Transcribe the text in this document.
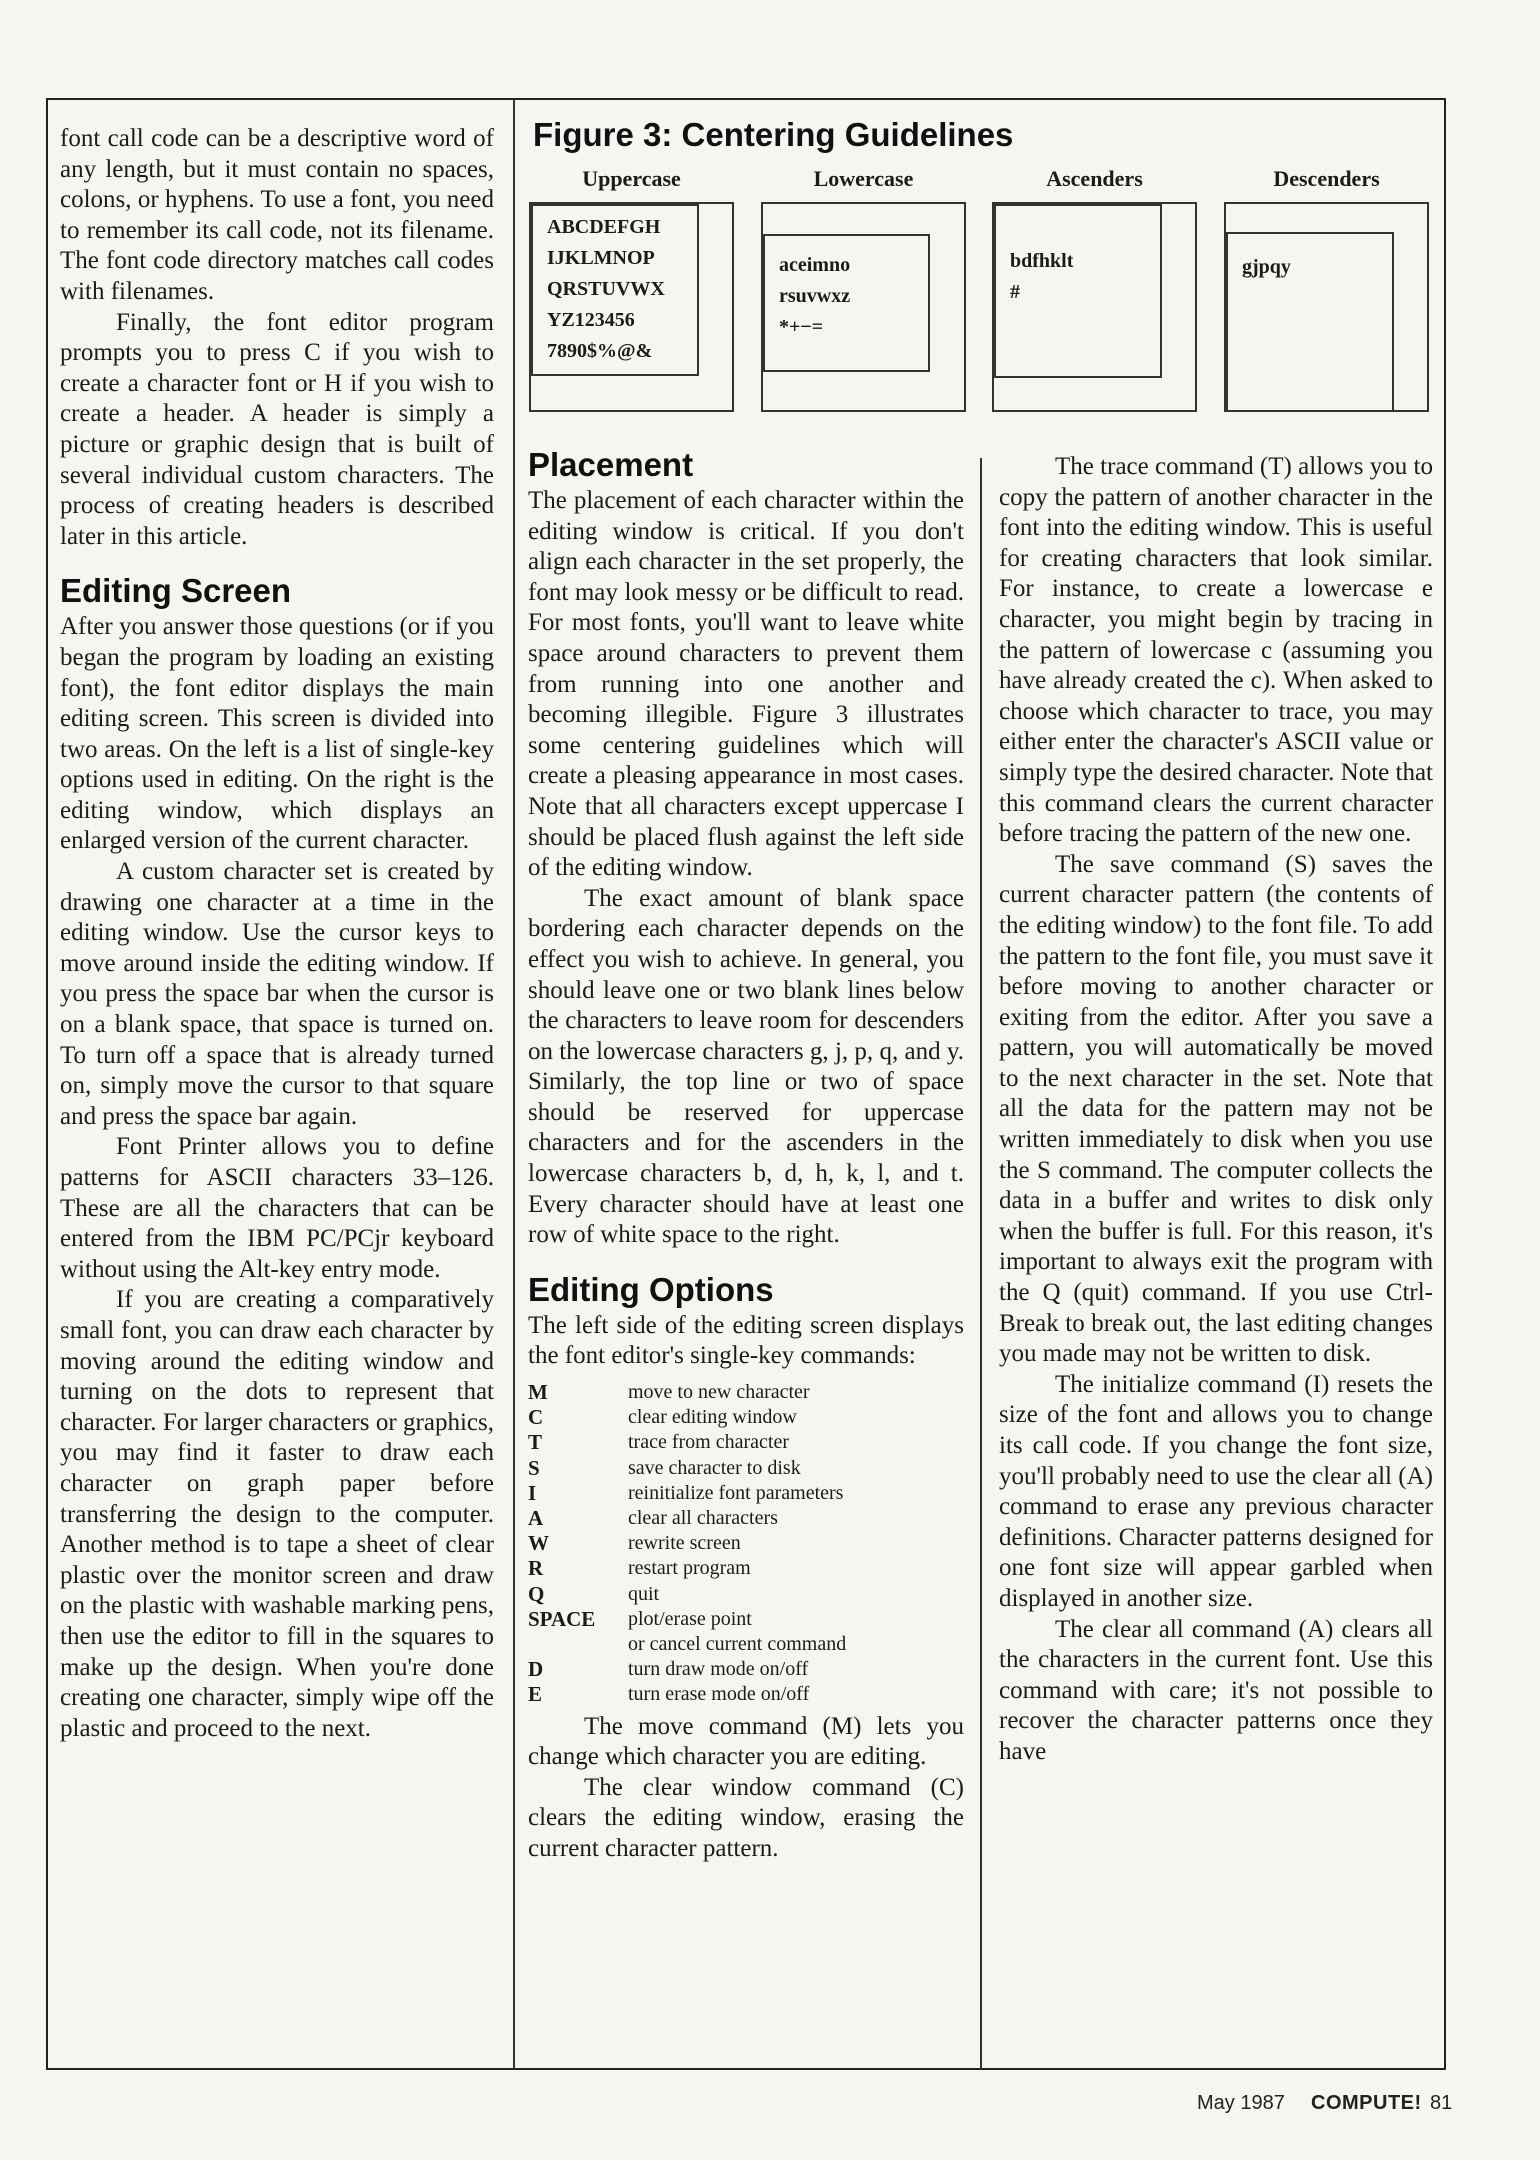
Figure 3: Centering Guidelines
Uppercase
ABCDEFGH
IJKLMNOP
QRSTUVWX
YZ123456
7890$%@&
Lowercase
aceimno
rsuvwxz
*+−=
Ascenders
bdfhklt
#
Descenders
gjpqy

font call code can be a descriptive word of any length, but it must contain no spaces, colons, or hyphens. To use a font, you need to remember its call code, not its filename. The font code directory matches call codes with filenames.

Finally, the font editor program prompts you to press C if you wish to create a character font or H if you wish to create a header. A header is simply a picture or graphic design that is built of several individual custom characters. The process of creating headers is described later in this article.

Editing Screen

After you answer those questions (or if you began the program by loading an existing font), the font editor displays the main editing screen. This screen is divided into two areas. On the left is a list of single-key options used in editing. On the right is the editing window, which displays an enlarged version of the current character.

A custom character set is created by drawing one character at a time in the editing window. Use the cursor keys to move around inside the editing window. If you press the space bar when the cursor is on a blank space, that space is turned on. To turn off a space that is already turned on, simply move the cursor to that square and press the space bar again.

Font Printer allows you to define patterns for ASCII characters 33–126. These are all the characters that can be entered from the IBM PC/PCjr keyboard without using the Alt-key entry mode.

If you are creating a comparatively small font, you can draw each character by moving around the editing window and turning on the dots to represent that character. For larger characters or graphics, you may find it faster to draw each character on graph paper before transferring the design to the computer. Another method is to tape a sheet of clear plastic over the monitor screen and draw on the plastic with washable marking pens, then use the editor to fill in the squares to make up the design. When you're done creating one character, simply wipe off the plastic and proceed to the next.

Placement

The placement of each character within the editing window is critical. If you don't align each character in the set properly, the font may look messy or be difficult to read. For most fonts, you'll want to leave white space around characters to prevent them from running into one another and becoming illegible. Figure 3 illustrates some centering guidelines which will create a pleasing appearance in most cases. Note that all characters except uppercase I should be placed flush against the left side of the editing window.

The exact amount of blank space bordering each character depends on the effect you wish to achieve. In general, you should leave one or two blank lines below the characters to leave room for descenders on the lowercase characters g, j, p, q, and y. Similarly, the top line or two of space should be reserved for uppercase characters and for the ascenders in the lowercase characters b, d, h, k, l, and t. Every character should have at least one row of white space to the right.

Editing Options

The left side of the editing screen displays the font editor's single-key commands:

M	move to new character
C	clear editing window
T	trace from character
S	save character to disk
I	reinitialize font parameters
A	clear all characters
W	rewrite screen
R	restart program
Q	quit
SPACE	plot/erase point
or cancel current command
D	turn draw mode on/off
E	turn erase mode on/off

The move command (M) lets you change which character you are editing.

The clear window command (C) clears the editing window, erasing the current character pattern.

The trace command (T) allows you to copy the pattern of another character in the font into the editing window. This is useful for creating characters that look similar. For instance, to create a lowercase e character, you might begin by tracing in the pattern of lowercase c (assuming you have already created the c). When asked to choose which character to trace, you may either enter the character's ASCII value or simply type the desired character. Note that this command clears the current character before tracing the pattern of the new one.

The save command (S) saves the current character pattern (the contents of the editing window) to the font file. To add the pattern to the font file, you must save it before moving to another character or exiting from the editor. After you save a pattern, you will automatically be moved to the next character in the set. Note that all the data for the pattern may not be written immediately to disk when you use the S command. The computer collects the data in a buffer and writes to disk only when the buffer is full. For this reason, it's important to always exit the program with the Q (quit) command. If you use Ctrl-Break to break out, the last editing changes you made may not be written to disk.

The initialize command (I) resets the size of the font and allows you to change its call code. If you change the font size, you'll probably need to use the clear all (A) command to erase any previous character definitions. Character patterns designed for one font size will appear garbled when displayed in another size.

The clear all command (A) clears all the characters in the current font. Use this command with care; it's not possible to recover the character patterns once they have

May 1987 COMPUTE! 81
